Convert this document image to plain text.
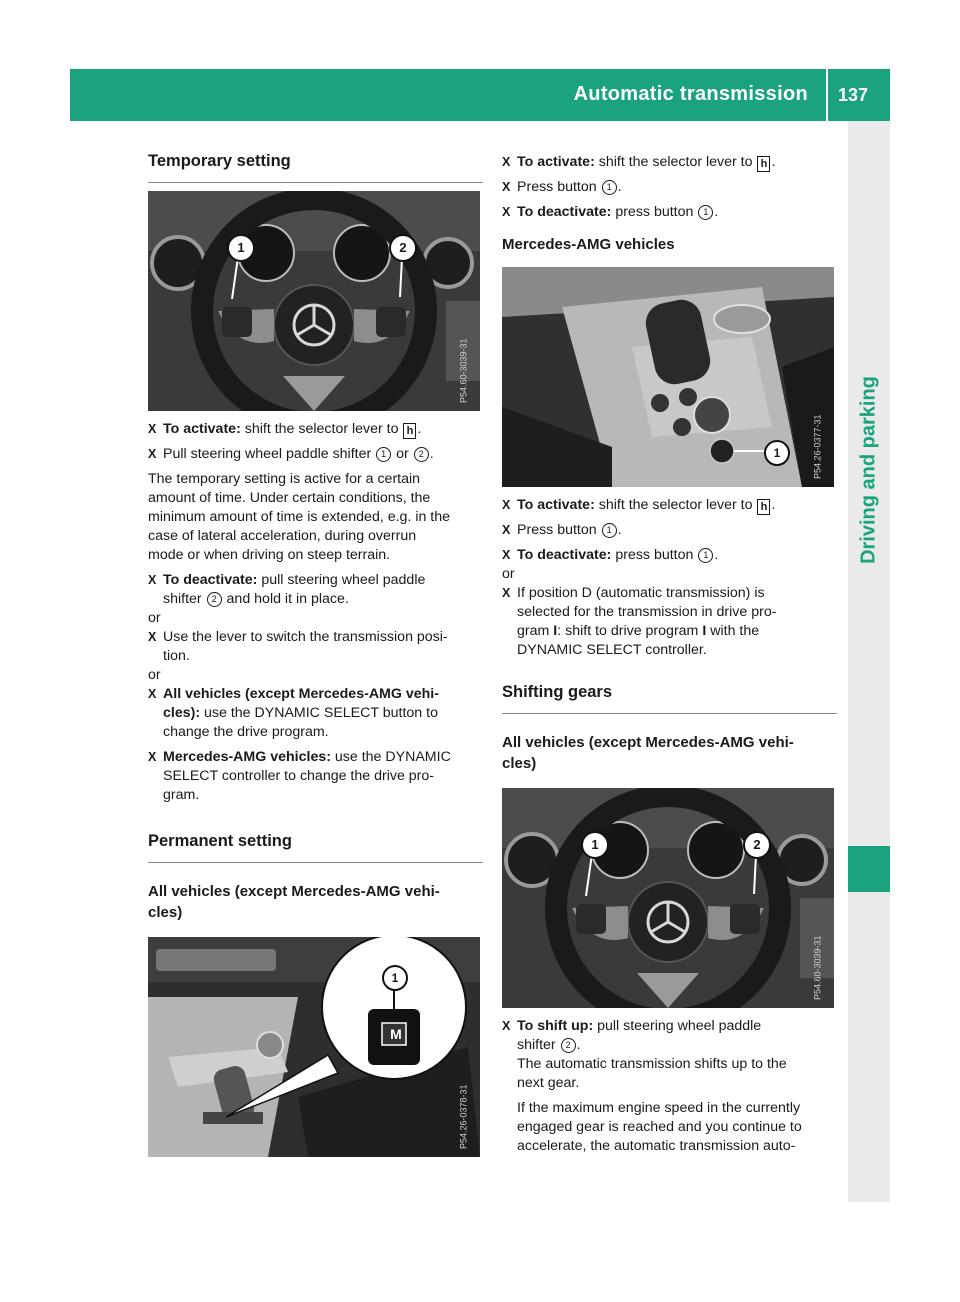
Automatic transmission 137
Driving and parking
Temporary setting
1	2
P54.60-3039-31

X To activate: shift the selector lever to h .

X Pull steering wheel paddle shifter 1 or 2 .

The temporary setting is active for a certain
amount of time. Under certain conditions, the
minimum amount of time is extended, e.g. in the
case of lateral acceleration, during overrun
mode or when driving on steep terrain.

X To deactivate: pull steering wheel paddle
shifter 2 and hold it in place.

or

X Use the lever to switch the transmission posi-
tion.

or

X All vehicles (except Mercedes-AMG vehi-
cles): use the DYNAMIC SELECT button to
change the drive program.

X Mercedes-AMG vehicles: use the DYNAMIC
SELECT controller to change the drive pro-
gram.

Permanent setting
All vehicles (except Mercedes-AMG vehi-
cles)
1
M
P54.26-0378-31

X To activate: shift the selector lever to h .

X Press button 1 .

X To deactivate: press button 1 .

Mercedes-AMG vehicles
1	P54.26-0377-31

X To activate: shift the selector lever to h .

X Press button 1 .

X To deactivate: press button 1 .

or

X If position D (automatic transmission) is
selected for the transmission in drive pro-
gram I: shift to drive program I with the
DYNAMIC SELECT controller.

Shifting gears
All vehicles (except Mercedes-AMG vehi-
cles)
1	2
P54.60-3039-31

X To shift up: pull steering wheel paddle
shifter 2 .
The automatic transmission shifts up to the
next gear.

If the maximum engine speed in the currently
engaged gear is reached and you continue to
accelerate, the automatic transmission auto-
